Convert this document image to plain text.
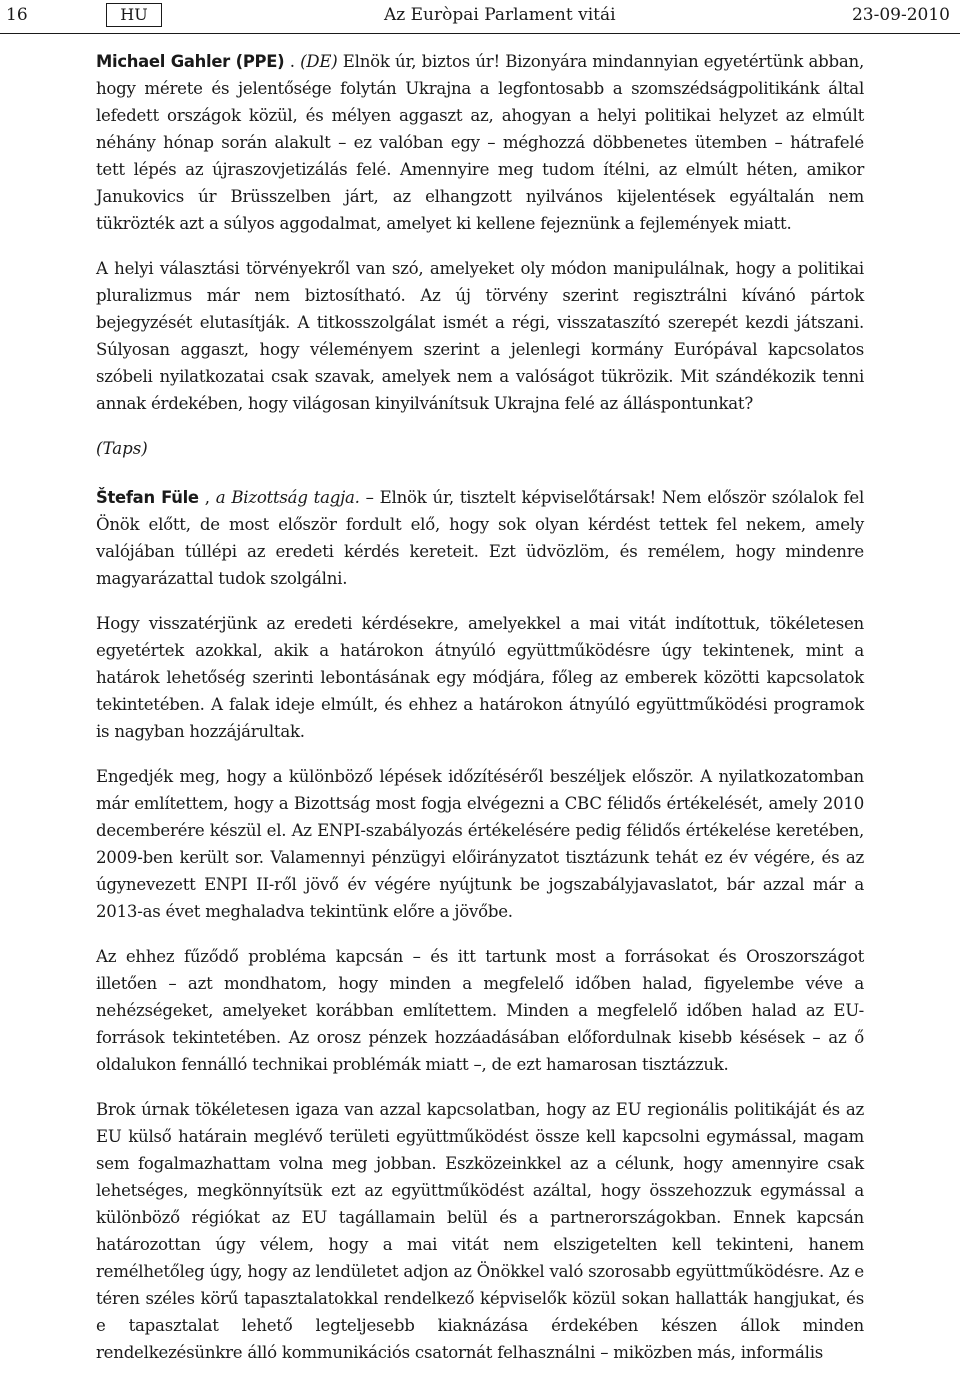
16	HU	Az Euròpai Parlament vitái	23-09-2010

Michael Gahler (PPE) . (DE) Elnök úr, biztos úr! Bizonyára mindannyian egyetértünk abban, hogy mérete és jelentősége folytán Ukrajna a legfontosabb a szomszédságpolitikánk által lefedett országok közül, és mélyen aggaszt az, ahogyan a helyi politikai helyzet az elmúlt néhány hónap során alakult – ez valóban egy – méghozzá döbbenetes ütemben – hátrafelé tett lépés az újraszovjetizálás felé. Amennyire meg tudom ítélni, az elmúlt héten, amikor Janukovics úr Brüsszelben járt, az elhangzott nyilvános kijelentések egyáltalán nem tükrözték azt a súlyos aggodalmat, amelyet ki kellene fejeznünk a fejlemények miatt.

A helyi választási törvényekről van szó, amelyeket oly módon manipulálnak, hogy a politikai pluralizmus már nem biztosítható. Az új törvény szerint regisztrálni kívánó pártok bejegyzését elutasítják. A titkosszolgálat ismét a régi, visszataszító szerepét kezdi játszani. Súlyosan aggaszt, hogy véleményem szerint a jelenlegi kormány Európával kapcsolatos szóbeli nyilatkozatai csak szavak, amelyek nem a valóságot tükrözik. Mit szándékozik tenni annak érdekében, hogy világosan kinyilvánítsuk Ukrajna felé az álláspontunkat?

(Taps)

Štefan Füle , a Bizottság tagja. – Elnök úr, tisztelt képviselőtársak! Nem először szólalok fel Önök előtt, de most először fordult elő, hogy sok olyan kérdést tettek fel nekem, amely valójában túllépi az eredeti kérdés kereteit. Ezt üdvözlöm, és remélem, hogy mindenre magyarázattal tudok szolgálni.

Hogy visszatérjünk az eredeti kérdésekre, amelyekkel a mai vitát indítottuk, tökéletesen egyetértek azokkal, akik a határokon átnyúló együttműködésre úgy tekintenek, mint a határok lehetőség szerinti lebontásának egy módjára, főleg az emberek közötti kapcsolatok tekintetében. A falak ideje elmúlt, és ehhez a határokon átnyúló együttműködési programok is nagyban hozzájárultak.

Engedjék meg, hogy a különböző lépések időzítéséről beszéljek először. A nyilatkozatomban már említettem, hogy a Bizottság most fogja elvégezni a CBC félidős értékelését, amely 2010 decemberére készül el. Az ENPI-szabályozás értékelésére pedig félidős értékelése keretében, 2009-ben került sor. Valamennyi pénzügyi előirányzatot tisztázunk tehát ez év végére, és az úgynevezett ENPI II-ről jövő év végére nyújtunk be jogszabályjavaslatot, bár azzal már a 2013-as évet meghaladva tekintünk előre a jövőbe.

Az ehhez fűződő probléma kapcsán – és itt tartunk most a forrásokat és Oroszországot illetően – azt mondhatom, hogy minden a megfelelő időben halad, figyelembe véve a nehézségeket, amelyeket korábban említettem. Minden a megfelelő időben halad az EU-források tekintetében. Az orosz pénzek hozzáadásában előfordulnak kisebb késések – az ő oldalukon fennálló technikai problémák miatt –, de ezt hamarosan tisztázzuk.

Brok úrnak tökéletesen igaza van azzal kapcsolatban, hogy az EU regionális politikáját és az EU külső határain meglévő területi együttműködést össze kell kapcsolni egymással, magam sem fogalmazhattam volna meg jobban. Eszközeinkkel az a célunk, hogy amennyire csak lehetséges, megkönnyítsük ezt az együttműködést azáltal, hogy összehozzuk egymással a különböző régiókat az EU tagállamain belül és a partnerországokban. Ennek kapcsán határozottan úgy vélem, hogy a mai vitát nem elszigetelten kell tekinteni, hanem remélhetőleg úgy, hogy az lendületet adjon az Önökkel való szorosabb együttműködésre. Az e téren széles körű tapasztalatokkal rendelkező képviselők közül sokan hallatták hangjukat, és e tapasztalat lehető legteljesebb kiaknázása érdekében készen állok minden rendelkezésünkre álló kommunikációs csatornát felhasználni – miközben más, informális
